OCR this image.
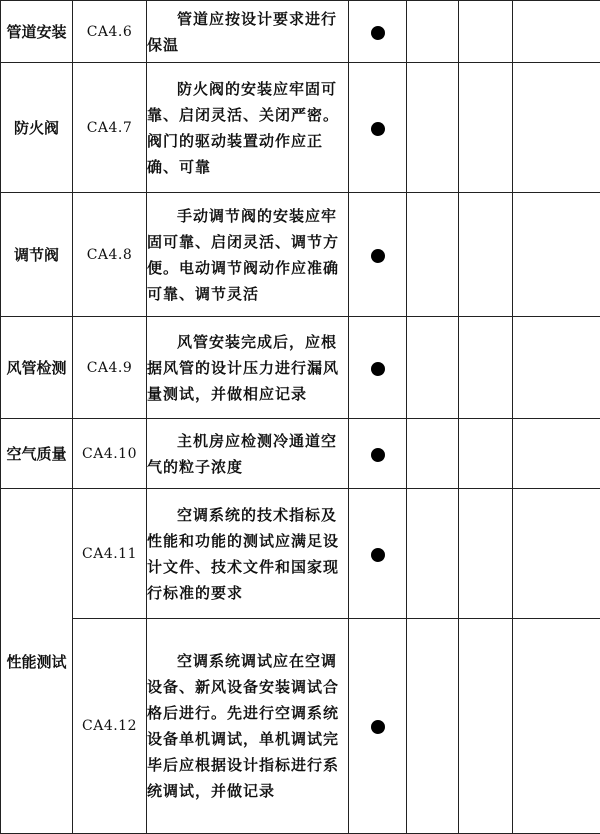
管道安装	CA4.6	管道应按设计要求进行保温				
防火阀	CA4.7	防火阀的安装应牢固可靠、启闭灵活、关闭严密。阀门的驱动装置动作应正确、可靠				
调节阀	CA4.8	手动调节阀的安装应牢固可靠、启闭灵活、调节方便。电动调节阀动作应准确可靠、调节灵活				
风管检测	CA4.9	风管安装完成后，应根据风管的设计压力进行漏风量测试，并做相应记录				
空气质量	CA4.10	主机房应检测冷通道空气的粒子浓度				
性能测试	CA4.11	空调系统的技术指标及性能和功能的测试应满足设计文件、技术文件和国家现行标准的要求				
	CA4.12	空调系统调试应在空调设备、新风设备安装调试合格后进行。先进行空调系统设备单机调试，单机调试完毕后应根据设计指标进行系统调试，并做记录				
